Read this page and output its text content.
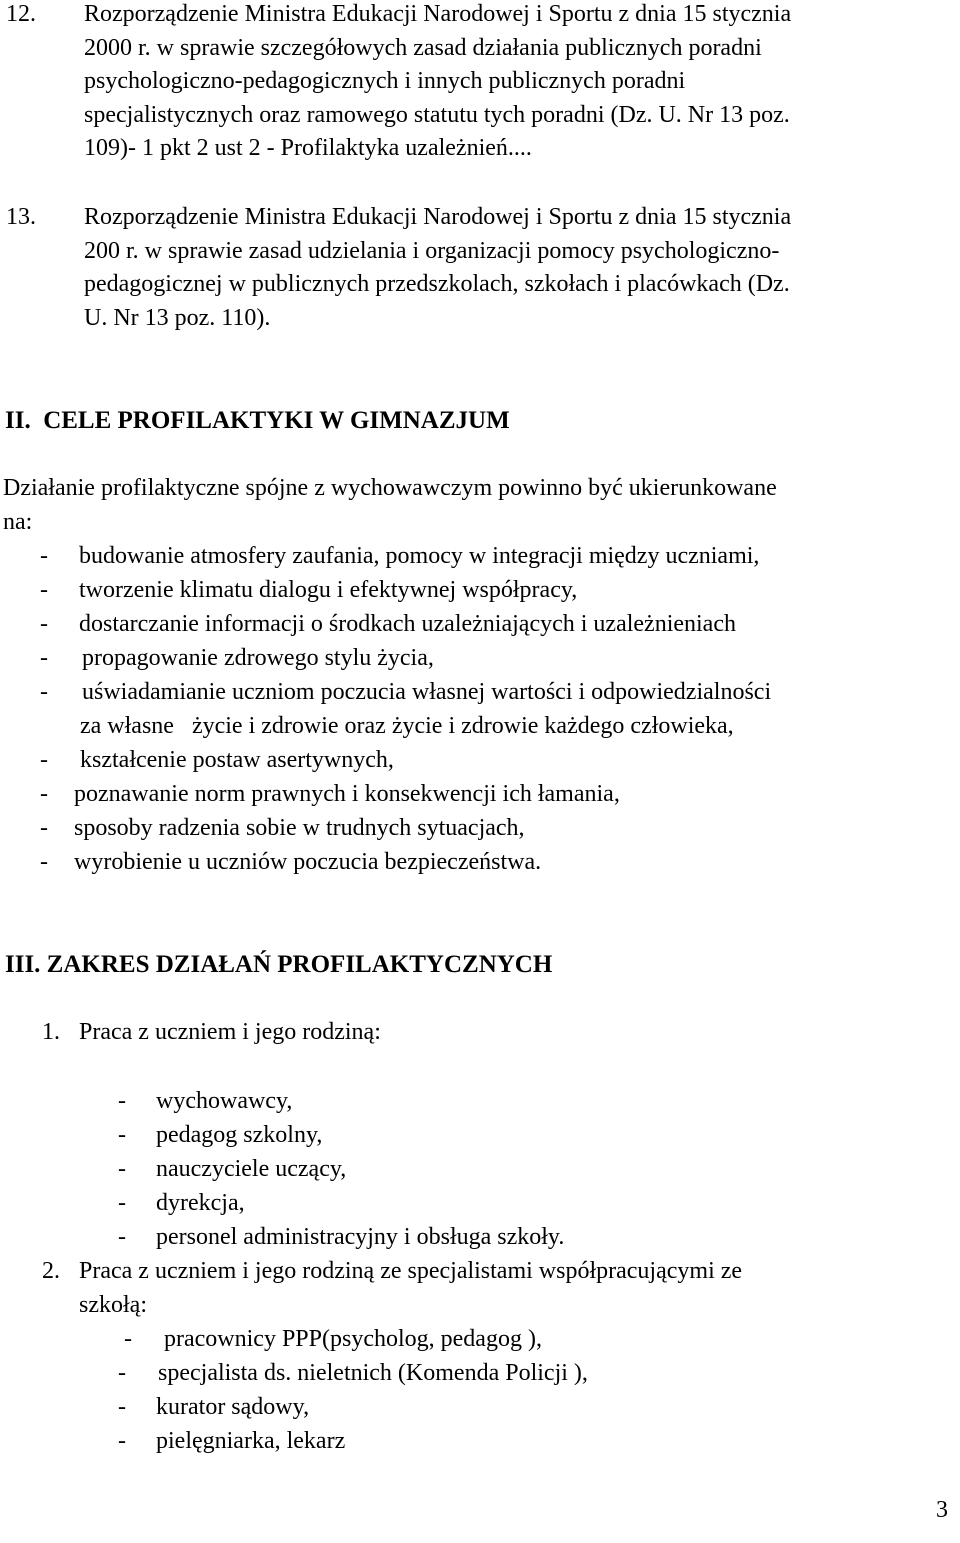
12.	Rozporządzenie Ministra Edukacji Narodowej i Sportu z dnia 15 stycznia
2000 r. w sprawie szczegółowych zasad działania publicznych poradni
psychologiczno-pedagogicznych i innych publicznych poradni
specjalistycznych oraz ramowego statutu tych poradni (Dz. U. Nr 13 poz.
109)- 1 pkt 2 ust 2 - Profilaktyka uzależnień....
13.	Rozporządzenie Ministra Edukacji Narodowej i Sportu z dnia 15 stycznia
200 r. w sprawie zasad udzielania i organizacji pomocy psychologiczno-
pedagogicznej w publicznych przedszkolach, szkołach i placówkach (Dz.
U. Nr 13 poz. 110).
II.  CELE PROFILAKTYKI W GIMNAZJUM
Działanie profilaktyczne spójne z wychowawczym powinno być ukierunkowane
na:
- budowanie atmosfery zaufania, pomocy w integracji między uczniami,
- tworzenie klimatu dialogu i efektywnej współpracy,
- dostarczanie informacji o środkach uzależniających i uzależnieniach
- propagowanie zdrowego stylu życia,
- uświadamianie uczniom poczucia własnej wartości i odpowiedzialności
za własne   życie i zdrowie oraz życie i zdrowie każdego człowieka,
- kształcenie postaw asertywnych,
- poznawanie norm prawnych i konsekwencji ich łamania,
- sposoby radzenia sobie w trudnych sytuacjach,
- wyrobienie u uczniów poczucia bezpieczeństwa.
III. ZAKRES DZIAŁAŃ PROFILAKTYCZNYCH
1. Praca z uczniem i jego rodziną:
- wychowawcy,
- pedagog szkolny,
- nauczyciele uczący,
- dyrekcja,
- personel administracyjny i obsługa szkoły.
2. Praca z uczniem i jego rodziną ze specjalistami współpracującymi ze
szkołą:
- pracownicy PPP(psycholog, pedagog ),
- specjalista ds. nieletnich (Komenda Policji ),
- kurator sądowy,
- pielęgniarka, lekarz
3
